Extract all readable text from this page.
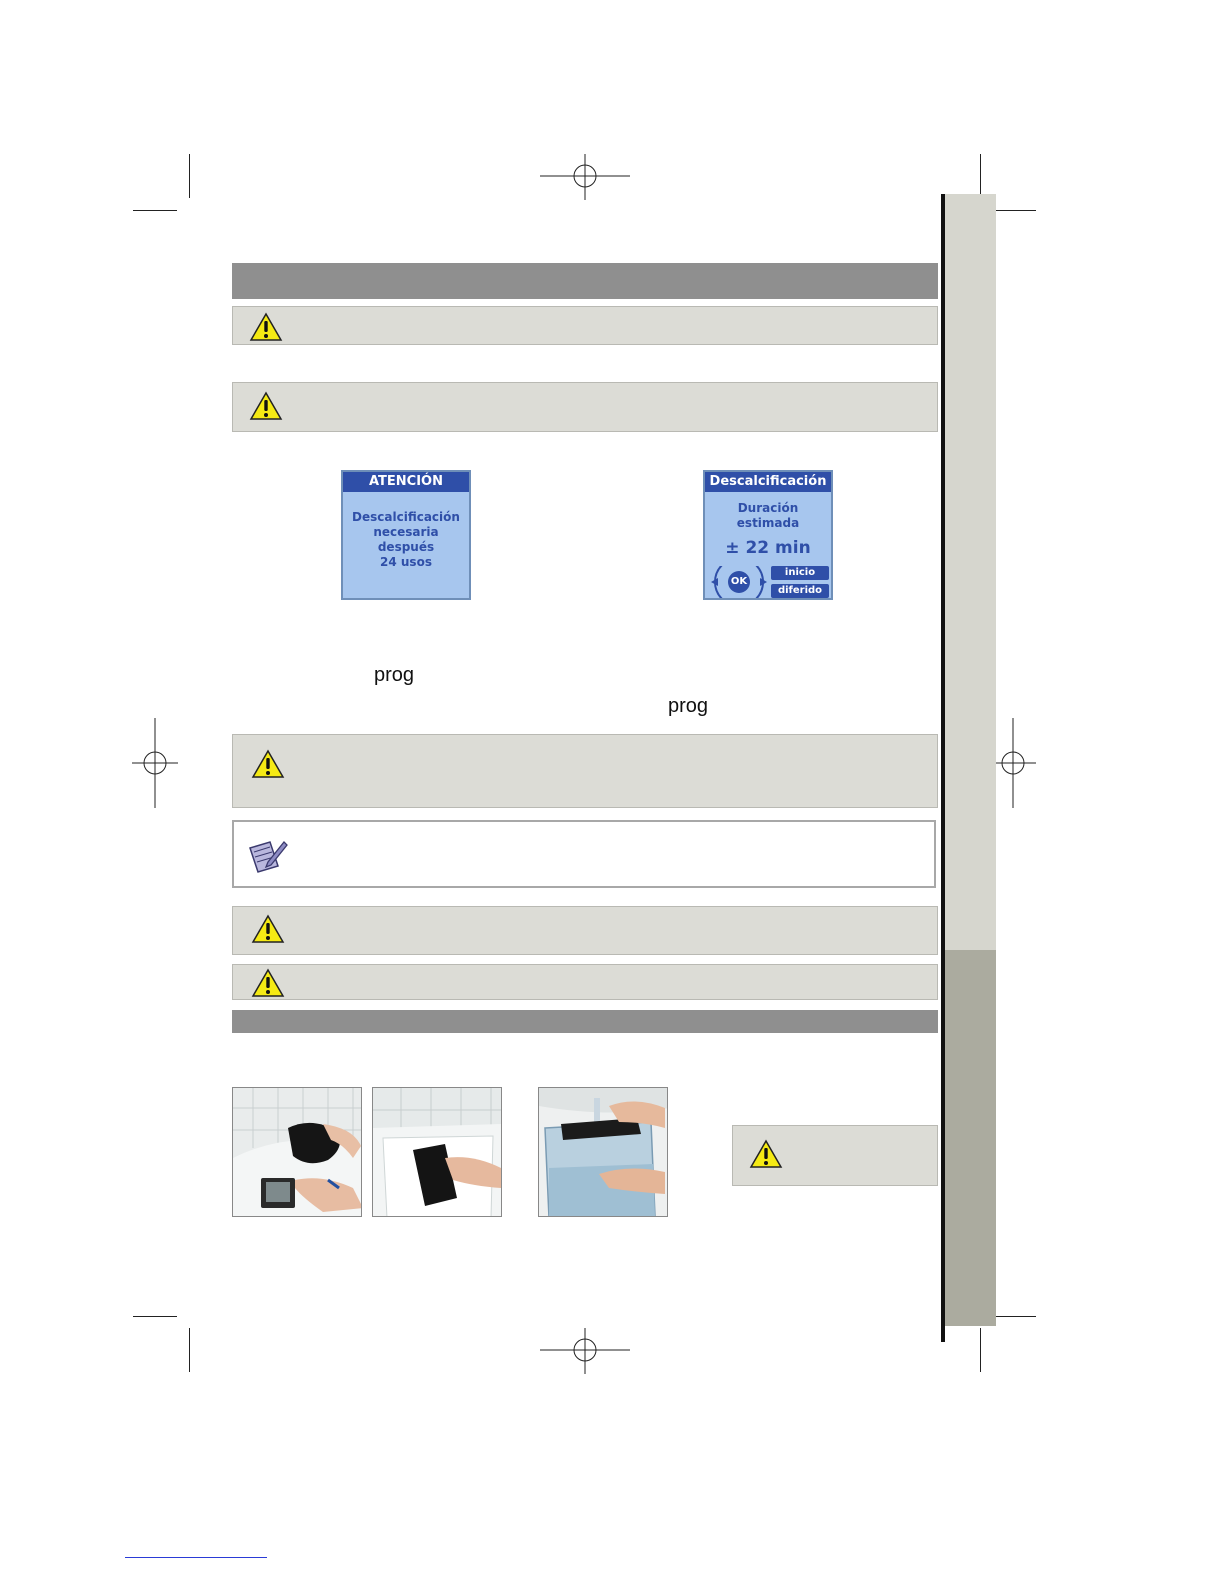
ATENCIÓN
Descalcificación
necesaria
después
24 usos
Descalcificación
Duración
estimada
± 22 min
OK
inicio
diferido
prog
prog
